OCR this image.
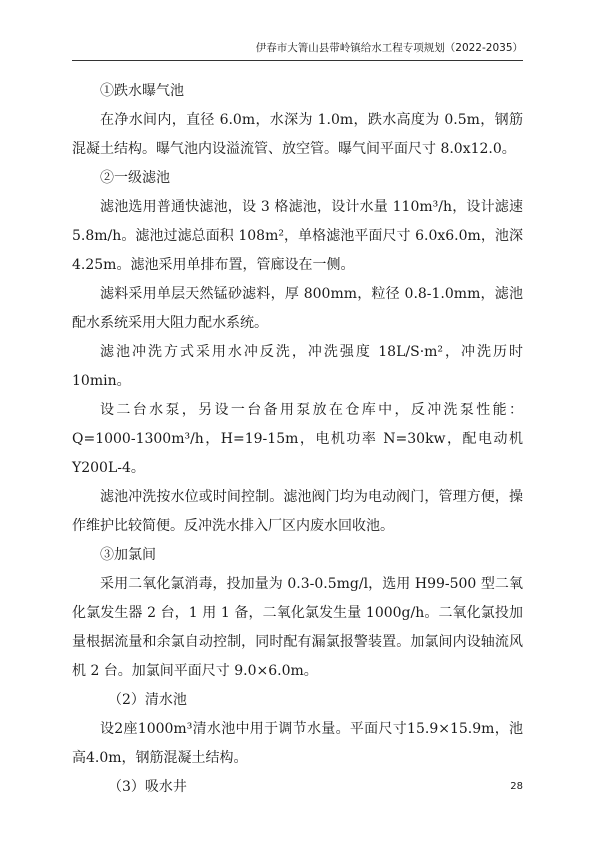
伊春市大箐山县带岭镇给水工程专项规划（2022-2035）

①跌水曝气池

在净水间内，直径 6.0m，水深为 1.0m，跌水高度为 0.5m，钢筋混凝土结构。曝气池内设溢流管、放空管。曝气间平面尺寸 8.0x12.0。

②一级滤池

滤池选用普通快滤池，设 3 格滤池，设计水量 110m³/h，设计滤速 5.8m/h。滤池过滤总面积 108m²，单格滤池平面尺寸 6.0x6.0m，池深 4.25m。滤池采用单排布置，管廊设在一侧。

滤料采用单层天然锰砂滤料，厚 800mm，粒径 0.8-1.0mm，滤池配水系统采用大阻力配水系统。

滤池冲洗方式采用水冲反洗，冲洗强度 18L/S·m²，冲洗历时 10min。

设二台水泵，另设一台备用泵放在仓库中，反冲洗泵性能：Q=1000-1300m³/h，H=19-15m，电机功率 N=30kw，配电动机 Y200L-4。

滤池冲洗按水位或时间控制。滤池阀门均为电动阀门，管理方便，操作维护比较简便。反冲洗水排入厂区内废水回收池。

③加氯间

采用二氧化氯消毒，投加量为 0.3-0.5mg/l，选用 H99-500 型二氧化氯发生器 2 台，1 用 1 备，二氧化氯发生量 1000g/h。二氧化氯投加量根据流量和余氯自动控制，同时配有漏氯报警装置。加氯间内设轴流风机 2 台。加氯间平面尺寸 9.0×6.0m。

（2）清水池

设2座1000m³清水池中用于调节水量。平面尺寸15.9×15.9m，池高4.0m，钢筋混凝土结构。

（3）吸水井	28
